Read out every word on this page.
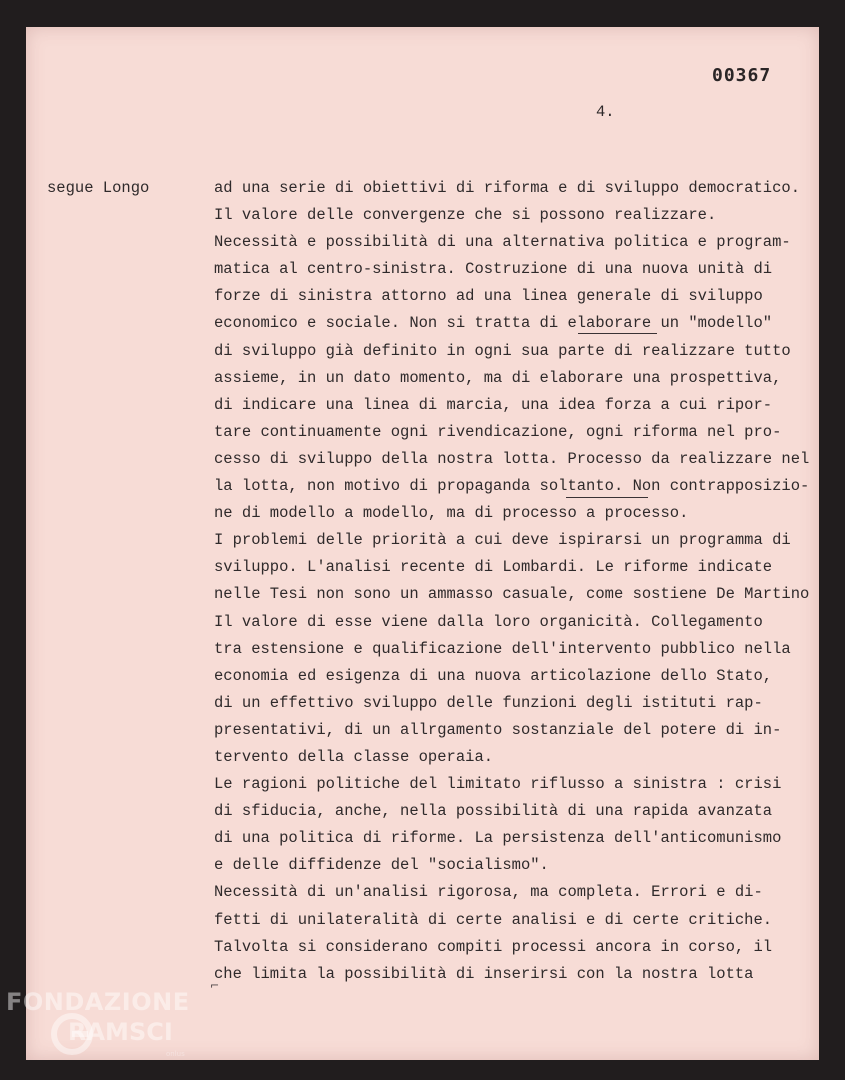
00367
4.
segue Longo	ad una serie di obiettivi di riforma e di sviluppo democratico.
Il valore delle convergenze che si possono realizzare.
Necessità e possibilità di una alternativa politica e program-
matica al centro-sinistra. Costruzione di una nuova unità di
forze di sinistra attorno ad una linea generale di sviluppo
economico e sociale. Non si tratta di elaborare un "modello"
di sviluppo già definito in ogni sua parte di realizzare tutto
assieme, in un dato momento, ma di elaborare una prospettiva,
di indicare una linea di marcia, una idea forza a cui ripor-
tare continuamente ogni rivendicazione, ogni riforma nel pro-
cesso di sviluppo della nostra lotta. Processo da realizzare nel
la lotta, non motivo di propaganda soltanto. Non contrapposizio-
ne di modello a modello, ma di processo a processo.
I problemi delle priorità a cui deve ispirarsi un programma di
sviluppo. L'analisi recente di Lombardi. Le riforme indicate
nelle Tesi non sono un ammasso casuale, come sostiene De Martino
Il valore di esse viene dalla loro organicità. Collegamento
tra estensione e qualificazione dell'intervento pubblico nella
economia ed esigenza di una nuova articolazione dello Stato,
di un effettivo sviluppo delle funzioni degli istituti rap-
presentativi, di un allrgamento sostanziale del potere di in-
tervento della classe operaia.
Le ragioni politiche del limitato riflusso a sinistra : crisi
di sfiducia, anche, nella possibilità di una rapida avanzata
di una politica di riforme. La persistenza dell'anticomunismo
e delle diffidenze del "socialismo".
Necessità di un'analisi rigorosa, ma completa. Errori e di-
fetti di unilateralità di certe analisi e di certe critiche.
Talvolta si considerano compiti processi ancora in corso, il
che limita la possibilità di inserirsi con la nostra lotta
⌐
FONDAZIONE
RAMSCI
onlus
